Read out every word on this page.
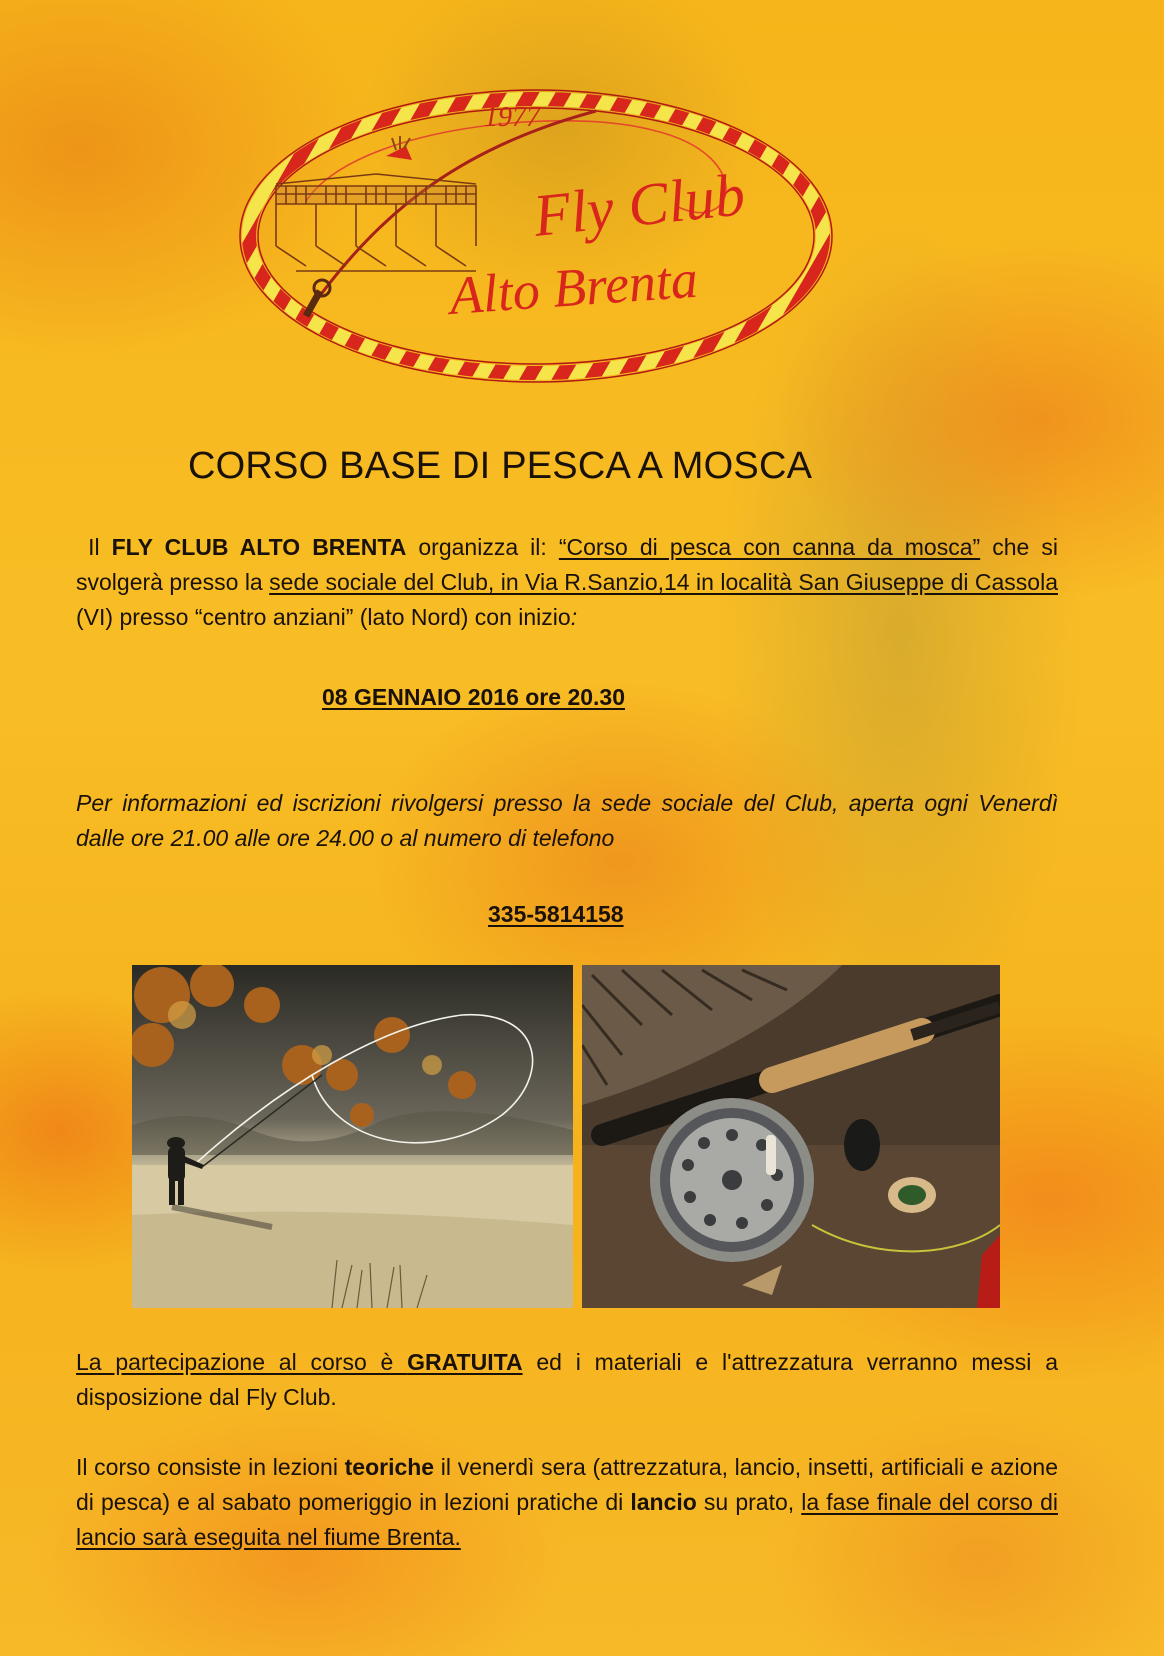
1977
Fly Club
Alto Brenta
CORSO BASE DI PESCA A MOSCA

Il FLY CLUB ALTO BRENTA organizza il: “Corso di pesca con canna da mosca” che si svolgerà presso la sede sociale del Club, in Via R.Sanzio,14 in località San Giuseppe di Cassola (VI) presso “centro anziani” (lato Nord) con inizio:

08 GENNAIO 2016 ore 20.30

Per informazioni ed iscrizioni rivolgersi presso la sede sociale del Club, aperta ogni Venerdì dalle ore 21.00 alle ore 24.00 o al numero di telefono

335-5814158

La partecipazione al corso è GRATUITA ed i materiali e l'attrezzatura verranno messi a disposizione dal Fly Club.

Il corso consiste in lezioni teoriche il venerdì sera (attrezzatura, lancio, insetti, artificiali e azione di pesca) e al sabato pomeriggio in lezioni pratiche di lancio su prato, la fase finale del corso di lancio sarà eseguita nel fiume Brenta.
